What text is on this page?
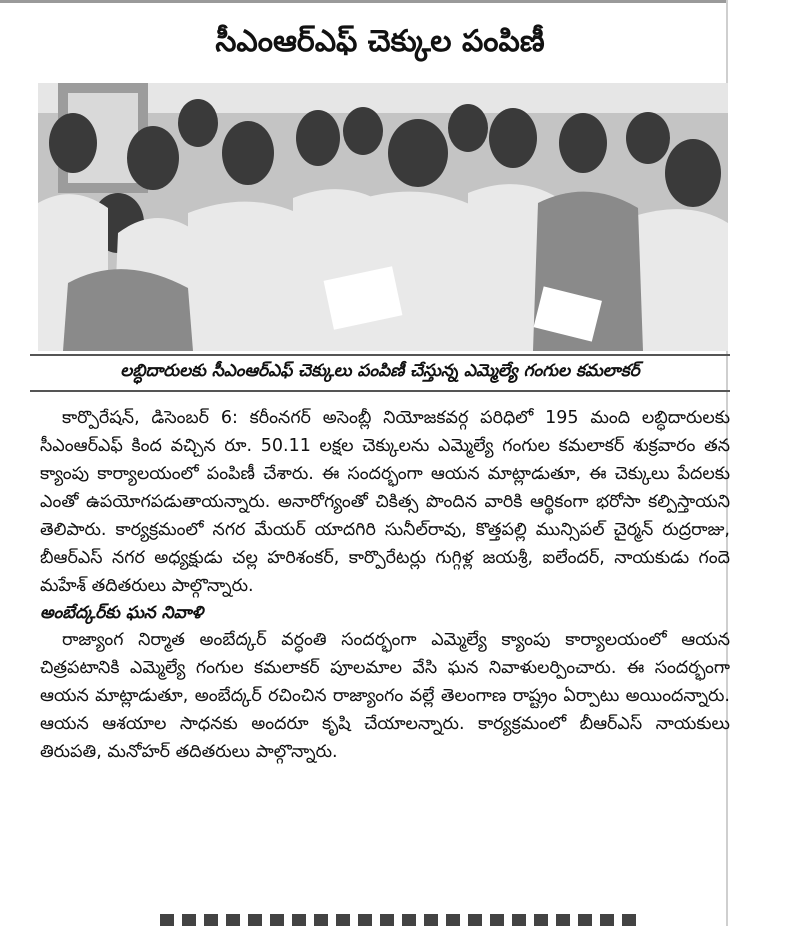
సీఎంఆర్‌ఎఫ్ చెక్కుల పంపిణీ
లబ్ధిదారులకు సీఎంఆర్‌ఎఫ్ చెక్కులు పంపిణీ చేస్తున్న ఎమ్మెల్యే గంగుల కమలాకర్

కార్పొరేషన్, డిసెంబర్ 6: కరీంనగర్ అసెంబ్లీ నియోజకవర్గ పరిధిలో 195 మంది లబ్ధిదారులకు సీఎంఆర్‌ఎఫ్ కింద వచ్చిన రూ. 50.11 లక్షల చెక్కులను ఎమ్మెల్యే గంగుల కమలాకర్ శుక్రవారం తన క్యాంపు కార్యాలయంలో పంపిణీ చేశారు. ఈ సందర్భంగా ఆయన మాట్లాడుతూ, ఈ చెక్కులు పేదలకు ఎంతో ఉపయోగపడుతాయన్నారు. అనారోగ్యంతో చికిత్స పొందిన వారికి ఆర్థికంగా భరోసా కల్పిస్తాయని తెలిపారు. కార్యక్రమంలో నగర మేయర్ యాదగిరి సునీల్‌రావు, కొత్తపల్లి మున్సిపల్ చైర్మన్ రుద్రరాజు, బీఆర్‌ఎస్ నగర అధ్యక్షుడు చల్ల హరిశంకర్, కార్పొరేటర్లు గుగ్గిళ్ల జయశ్రీ, ఐలేందర్, నాయకుడు గందె మహేశ్ తదితరులు పాల్గొన్నారు.

అంబేద్కర్‌కు ఘన నివాళి

రాజ్యాంగ నిర్మాత అంబేద్కర్ వర్ధంతి సందర్భంగా ఎమ్మెల్యే క్యాంపు కార్యాలయంలో ఆయన చిత్రపటానికి ఎమ్మెల్యే గంగుల కమలాకర్ పూలమాల వేసి ఘన నివాళులర్పించారు. ఈ సందర్భంగా ఆయన మాట్లాడుతూ, అంబేద్కర్ రచించిన రాజ్యాంగం వల్లే తెలంగాణ రాష్ట్రం ఏర్పాటు అయిందన్నారు. ఆయన ఆశయాల సాధనకు అందరూ కృషి చేయాలన్నారు. కార్యక్రమంలో బీఆర్‌ఎస్ నాయకులు తిరుపతి, మనోహర్ తదితరులు పాల్గొన్నారు.
